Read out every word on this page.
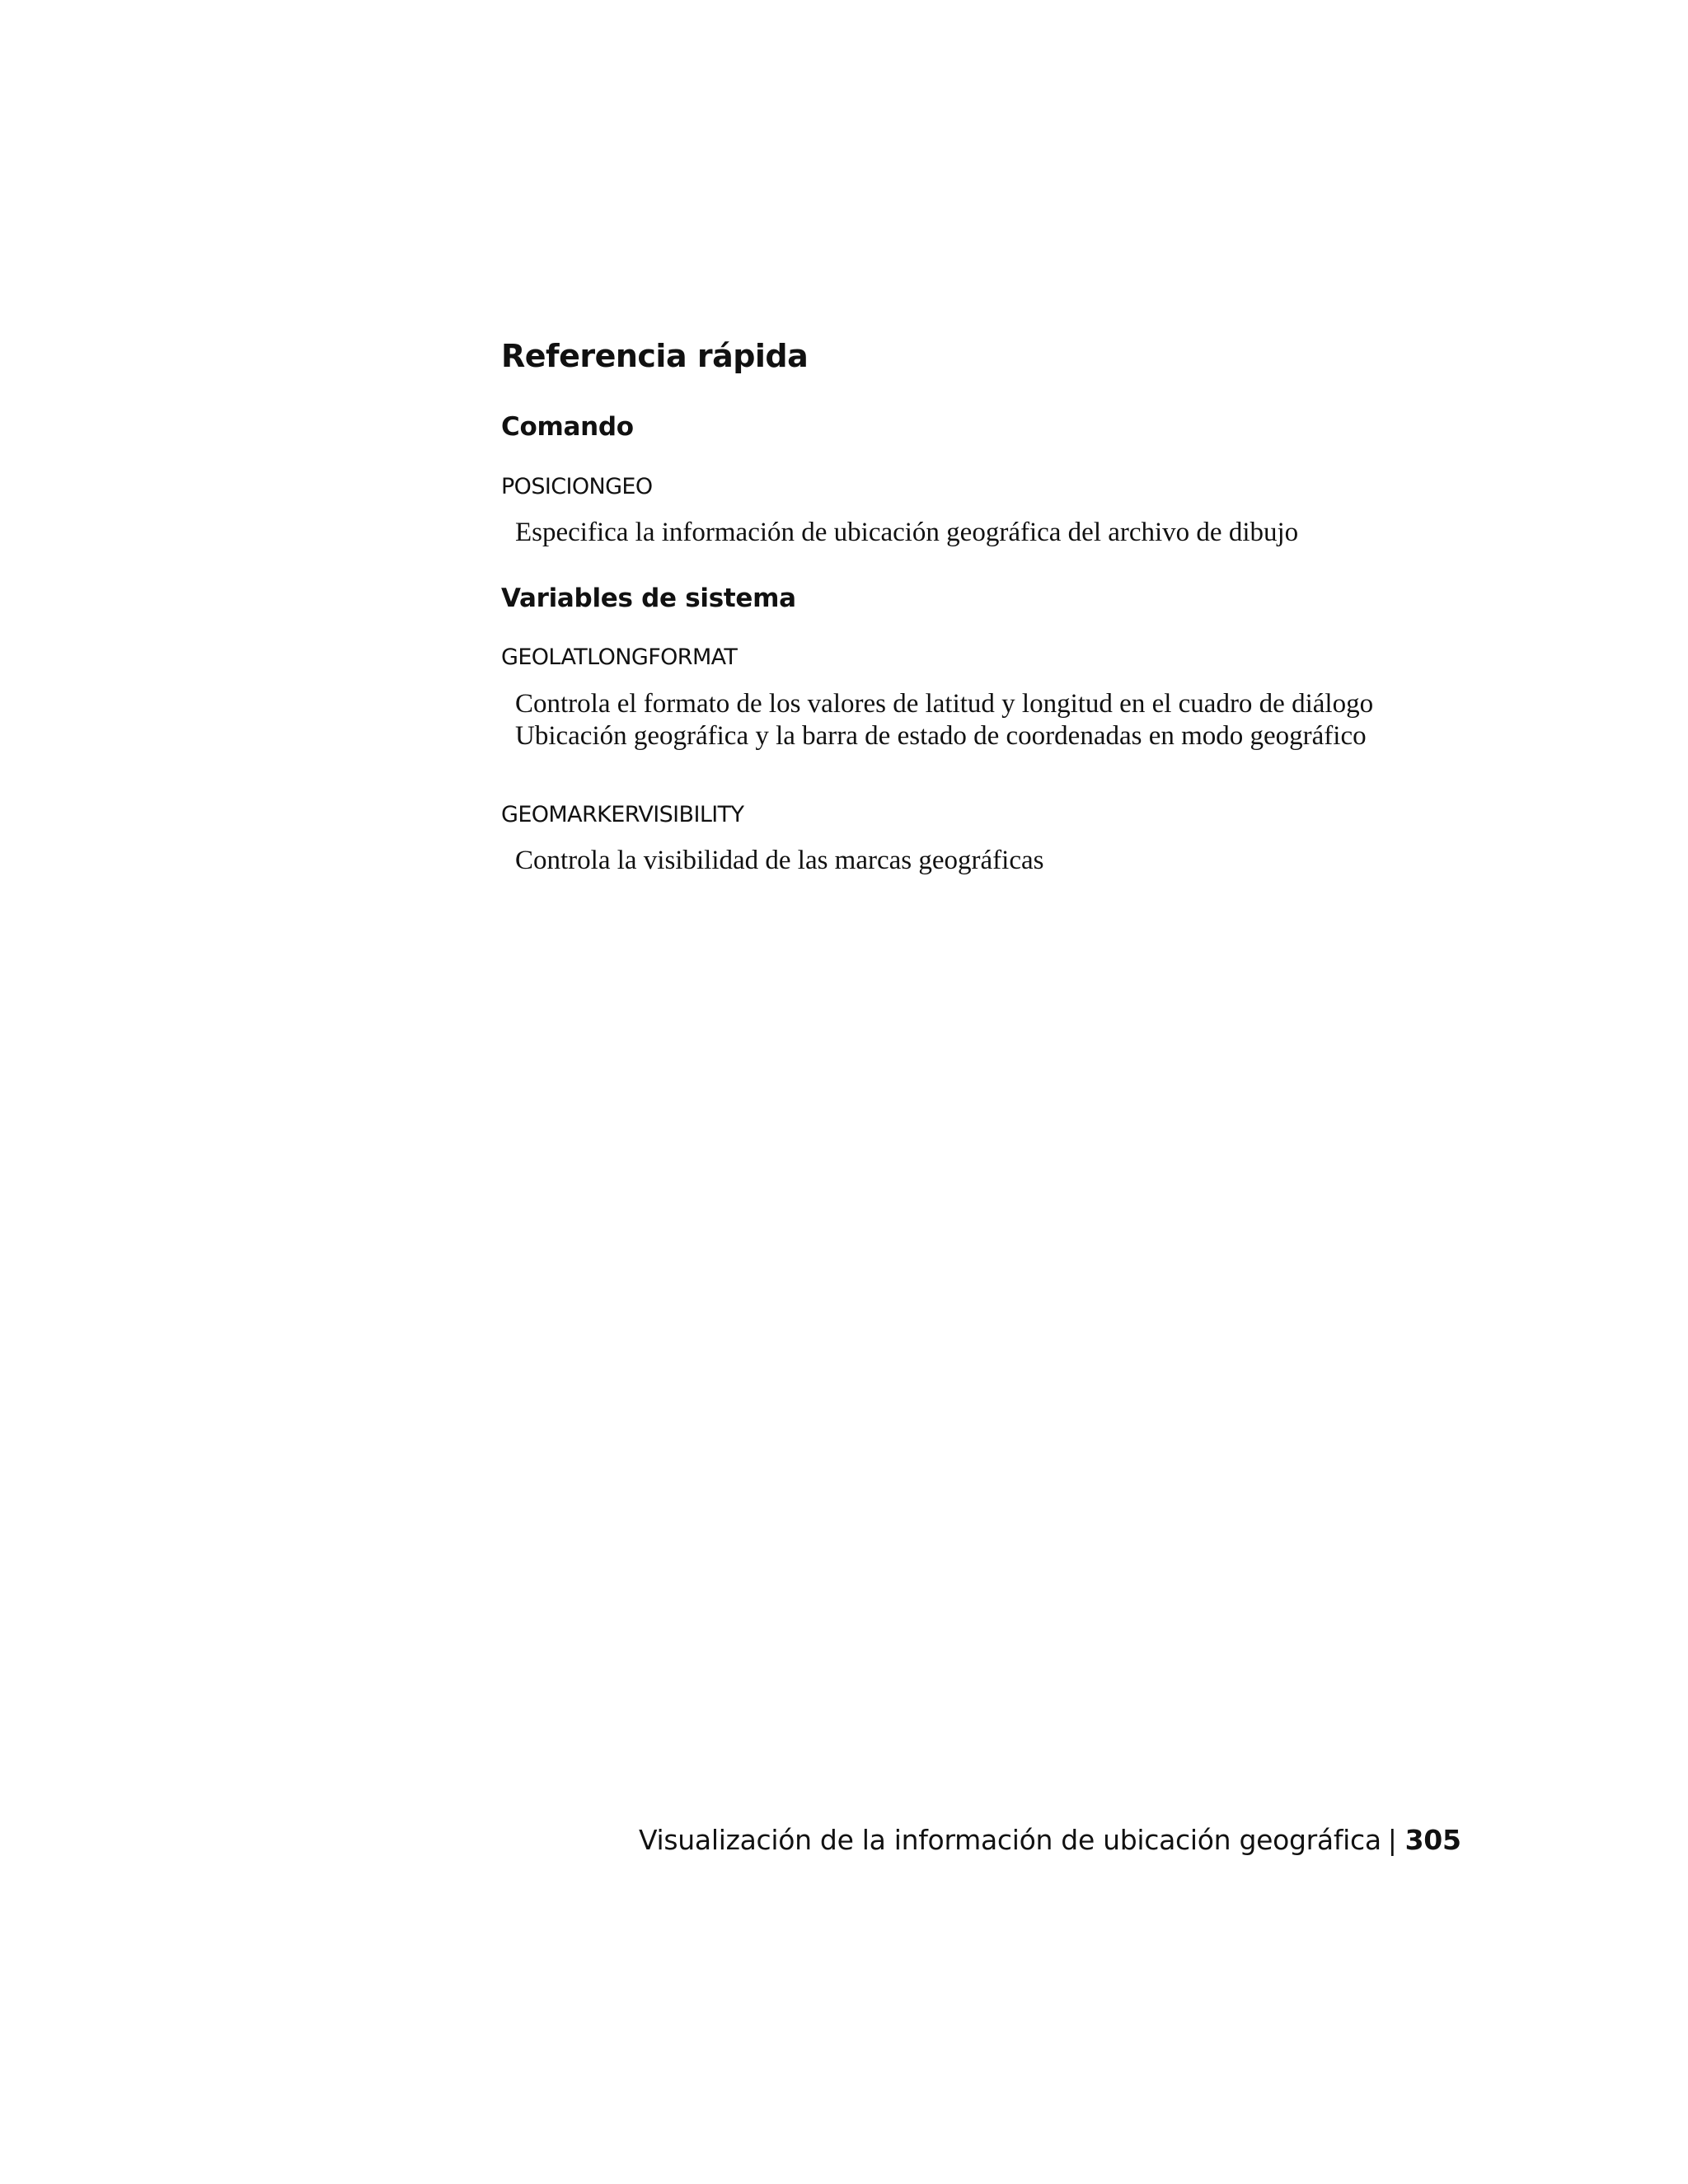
Referencia rápida
Comando
POSICIONGEO
Especifica la información de ubicación geográfica del archivo de dibujo
Variables de sistema
GEOLATLONGFORMAT
Controla el formato de los valores de latitud y longitud en el cuadro de diálogo Ubicación geográfica y la barra de estado de coordenadas en modo geográfico
GEOMARKERVISIBILITY
Controla la visibilidad de las marcas geográficas
Visualización de la información de ubicación geográfica | 305
